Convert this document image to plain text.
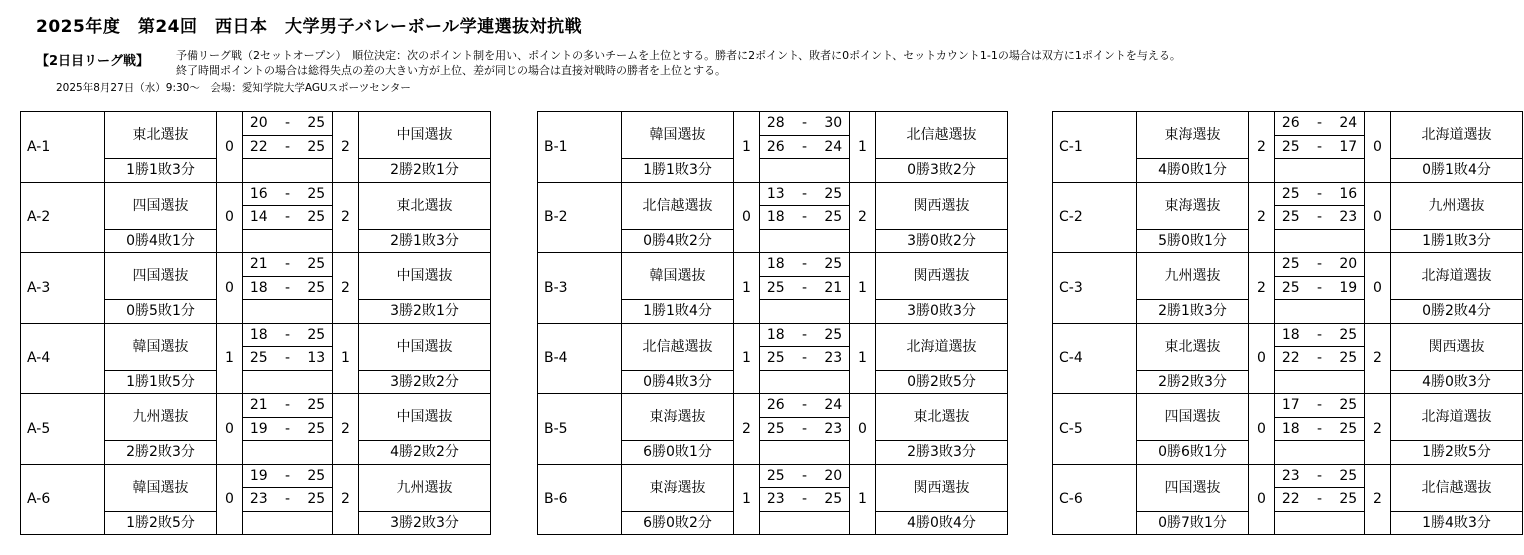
2025年度　第24回　西日本　大学男子バレーボール学連選抜対抗戦
【2日目リーグ戦】 予備リーグ戦（2セットオープン）　順位決定：次のポイント制を用い、ポイントの多いチームを上位とする。勝者に2ポイント、敗者に0ポイント、セットカウント1-1の場合は双方に1ポイントを与える。
終了時間ポイントの場合は総得失点の差の大きい方が上位、差が同じの場合は直接対戦時の勝者を上位とする。
2025年8月27日（水）9:30～　会場：愛知学院大学AGUスポーツセンター
A-1	東北選抜	0	20	-	25	2	中国選抜
			22	-	25		
	1勝1敗3分						2勝2敗1分
A-2	四国選抜	0	16	-	25	2	東北選抜
			14	-	25		
	0勝4敗1分						2勝1敗3分
A-3	四国選抜	0	21	-	25	2	中国選抜
			18	-	25		
	0勝5敗1分						3勝2敗1分
A-4	韓国選抜	1	18	-	25	1	中国選抜
			25	-	13		
	1勝1敗5分						3勝2敗2分
A-5	九州選抜	0	21	-	25	2	中国選抜
			19	-	25		
	2勝2敗3分						4勝2敗2分
A-6	韓国選抜	0	19	-	25	2	九州選抜
			23	-	25		
	1勝2敗5分						3勝2敗3分
B-1	韓国選抜	1	28	-	30	1	北信越選抜
			26	-	24		
	1勝1敗3分						0勝3敗2分
B-2	北信越選抜	0	13	-	25	2	関西選抜
			18	-	25		
	0勝4敗2分						3勝0敗2分
B-3	韓国選抜	1	18	-	25	1	関西選抜
			25	-	21		
	1勝1敗4分						3勝0敗3分
B-4	北信越選抜	1	18	-	25	1	北海道選抜
			25	-	23		
	0勝4敗3分						0勝2敗5分
B-5	東海選抜	2	26	-	24	0	東北選抜
			25	-	23		
	6勝0敗1分						2勝3敗3分
B-6	東海選抜	1	25	-	20	1	関西選抜
			23	-	25		
	6勝0敗2分						4勝0敗4分
C-1	東海選抜	2	26	-	24	0	北海道選抜
			25	-	17		
	4勝0敗1分						0勝1敗4分
C-2	東海選抜	2	25	-	16	0	九州選抜
			25	-	23		
	5勝0敗1分						1勝1敗3分
C-3	九州選抜	2	25	-	20	0	北海道選抜
			25	-	19		
	2勝1敗3分						0勝2敗4分
C-4	東北選抜	0	18	-	25	2	関西選抜
			22	-	25		
	2勝2敗3分						4勝0敗3分
C-5	四国選抜	0	17	-	25	2	北海道選抜
			18	-	25		
	0勝6敗1分						1勝2敗5分
C-6	四国選抜	0	23	-	25	2	北信越選抜
			22	-	25		
	0勝7敗1分						1勝4敗3分
